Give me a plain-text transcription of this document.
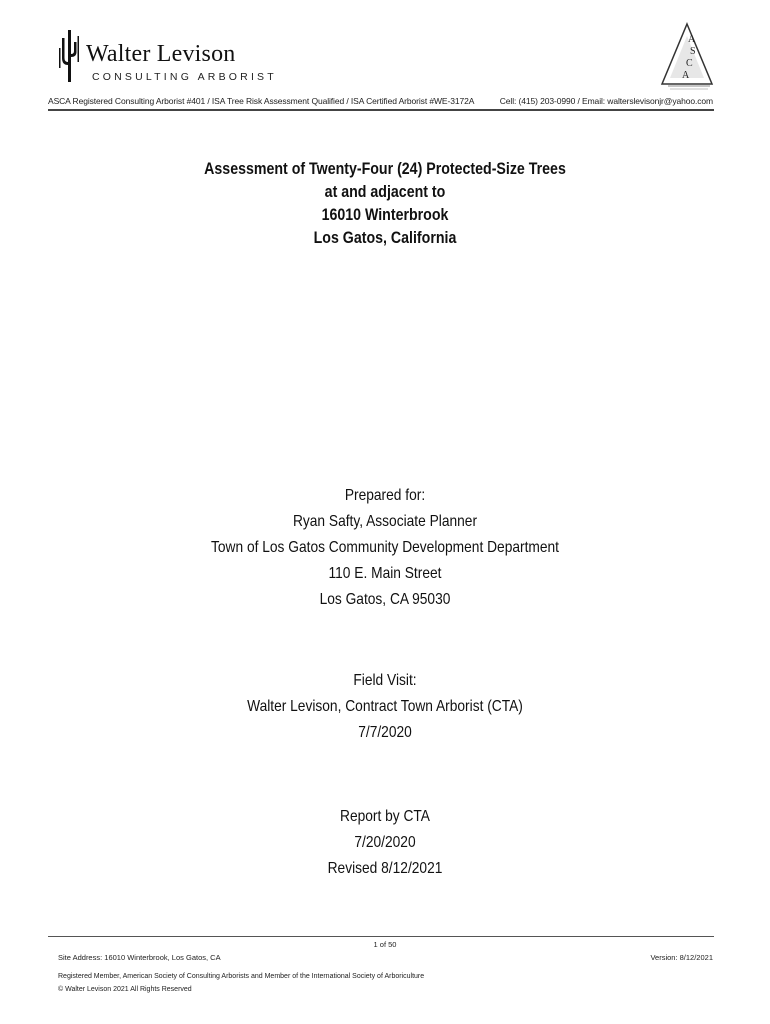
Walter Levison
CONSULTING ARBORIST
A
S
C
A
ASCA Registered Consulting Arborist #401 / ISA Tree Risk Assessment Qualified / ISA Certified Arborist #WE-3172A	Cell: (415) 203-0990 / Email: walterslevisonjr@yahoo.com
Assessment of Twenty-Four (24) Protected-Size Trees
at and adjacent to
16010 Winterbrook
Los Gatos, California
Prepared for:
Ryan Safty, Associate Planner
Town of Los Gatos Community Development Department
110 E. Main Street
Los Gatos, CA 95030
Field Visit:
Walter Levison, Contract Town Arborist (CTA)
7/7/2020
Report by CTA
7/20/2020
Revised 8/12/2021
1 of 50
Site Address: 16010 Winterbrook, Los Gatos, CA	Version: 8/12/2021
Registered Member, American Society of Consulting Arborists and Member of the International Society of Arboriculture
© Walter Levison 2021 All Rights Reserved
